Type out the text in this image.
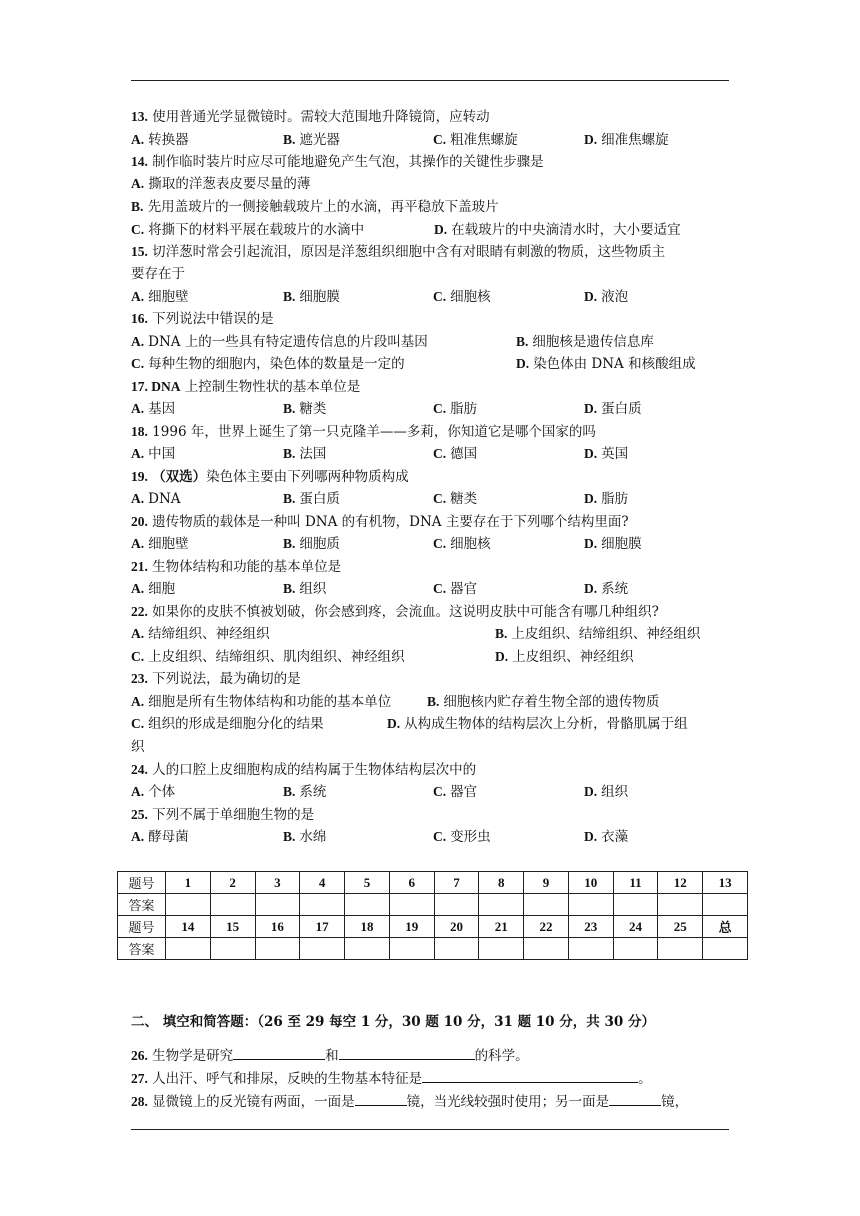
13. 使用普通光学显微镜时。需较大范围地升降镜筒，应转动
A. 转换器	B. 遮光器	C. 粗准焦螺旋	D. 细准焦螺旋
14. 制作临时装片时应尽可能地避免产生气泡，其操作的关键性步骤是
A. 撕取的洋葱表皮要尽量的薄
B. 先用盖玻片的一侧接触载玻片上的水滴，再平稳放下盖玻片
C. 将撕下的材料平展在载玻片的水滴中	D. 在载玻片的中央滴清水时，大小要适宜
15. 切洋葱时常会引起流泪，原因是洋葱组织细胞中含有对眼睛有刺激的物质，这些物质主
要存在于
A. 细胞壁	B. 细胞膜	C. 细胞核	D. 液泡
16. 下列说法中错误的是
A. DNA 上的一些具有特定遗传信息的片段叫基因	B. 细胞核是遗传信息库
C. 每种生物的细胞内，染色体的数量是一定的	D. 染色体由 DNA 和核酸组成
17. DNA 上控制生物性状的基本单位是
A. 基因	B. 糖类	C. 脂肪	D. 蛋白质
18. 1996 年，世界上诞生了第一只克隆羊——多莉，你知道它是哪个国家的吗
A. 中国	B. 法国	C. 德国	D. 英国
19. （双选）染色体主要由下列哪两种物质构成
A. DNA	B. 蛋白质	C. 糖类	D. 脂肪
20. 遗传物质的载体是一种叫 DNA 的有机物，DNA 主要存在于下列哪个结构里面?
A. 细胞壁	B. 细胞质	C. 细胞核	D. 细胞膜
21. 生物体结构和功能的基本单位是
A. 细胞	B. 组织	C. 器官	D. 系统
22. 如果你的皮肤不慎被划破，你会感到疼，会流血。这说明皮肤中可能含有哪几种组织?
A. 结缔组织、神经组织	B. 上皮组织、结缔组织、神经组织
C. 上皮组织、结缔组织、肌肉组织、神经组织	D. 上皮组织、神经组织
23. 下列说法，最为确切的是
A. 细胞是所有生物体结构和功能的基本单位	B. 细胞核内贮存着生物全部的遗传物质
C. 组织的形成是细胞分化的结果	D. 从构成生物体的结构层次上分析，骨骼肌属于组
织
24. 人的口腔上皮细胞构成的结构属于生物体结构层次中的
A. 个体	B. 系统	C. 器官	D. 组织
25. 下列不属于单细胞生物的是
A. 酵母菌	B. 水绵	C. 变形虫	D. 衣藻
题号	1	2	3	4	5	6	7	8	9	10	11	12	13
答案													
题号	14	15	16	17	18	19	20	21	22	23	24	25	总
答案													
二、 填空和简答题：（26 至 29 每空 1 分，30 题 10 分，31 题 10 分，共 30 分）
26. 生物学是研究	和	的科学。
27. 人出汗、呼气和排尿，反映的生物基本特征是	。
28. 显微镜上的反光镜有两面，一面是	镜，当光线较强时使用；另一面是	镜，
